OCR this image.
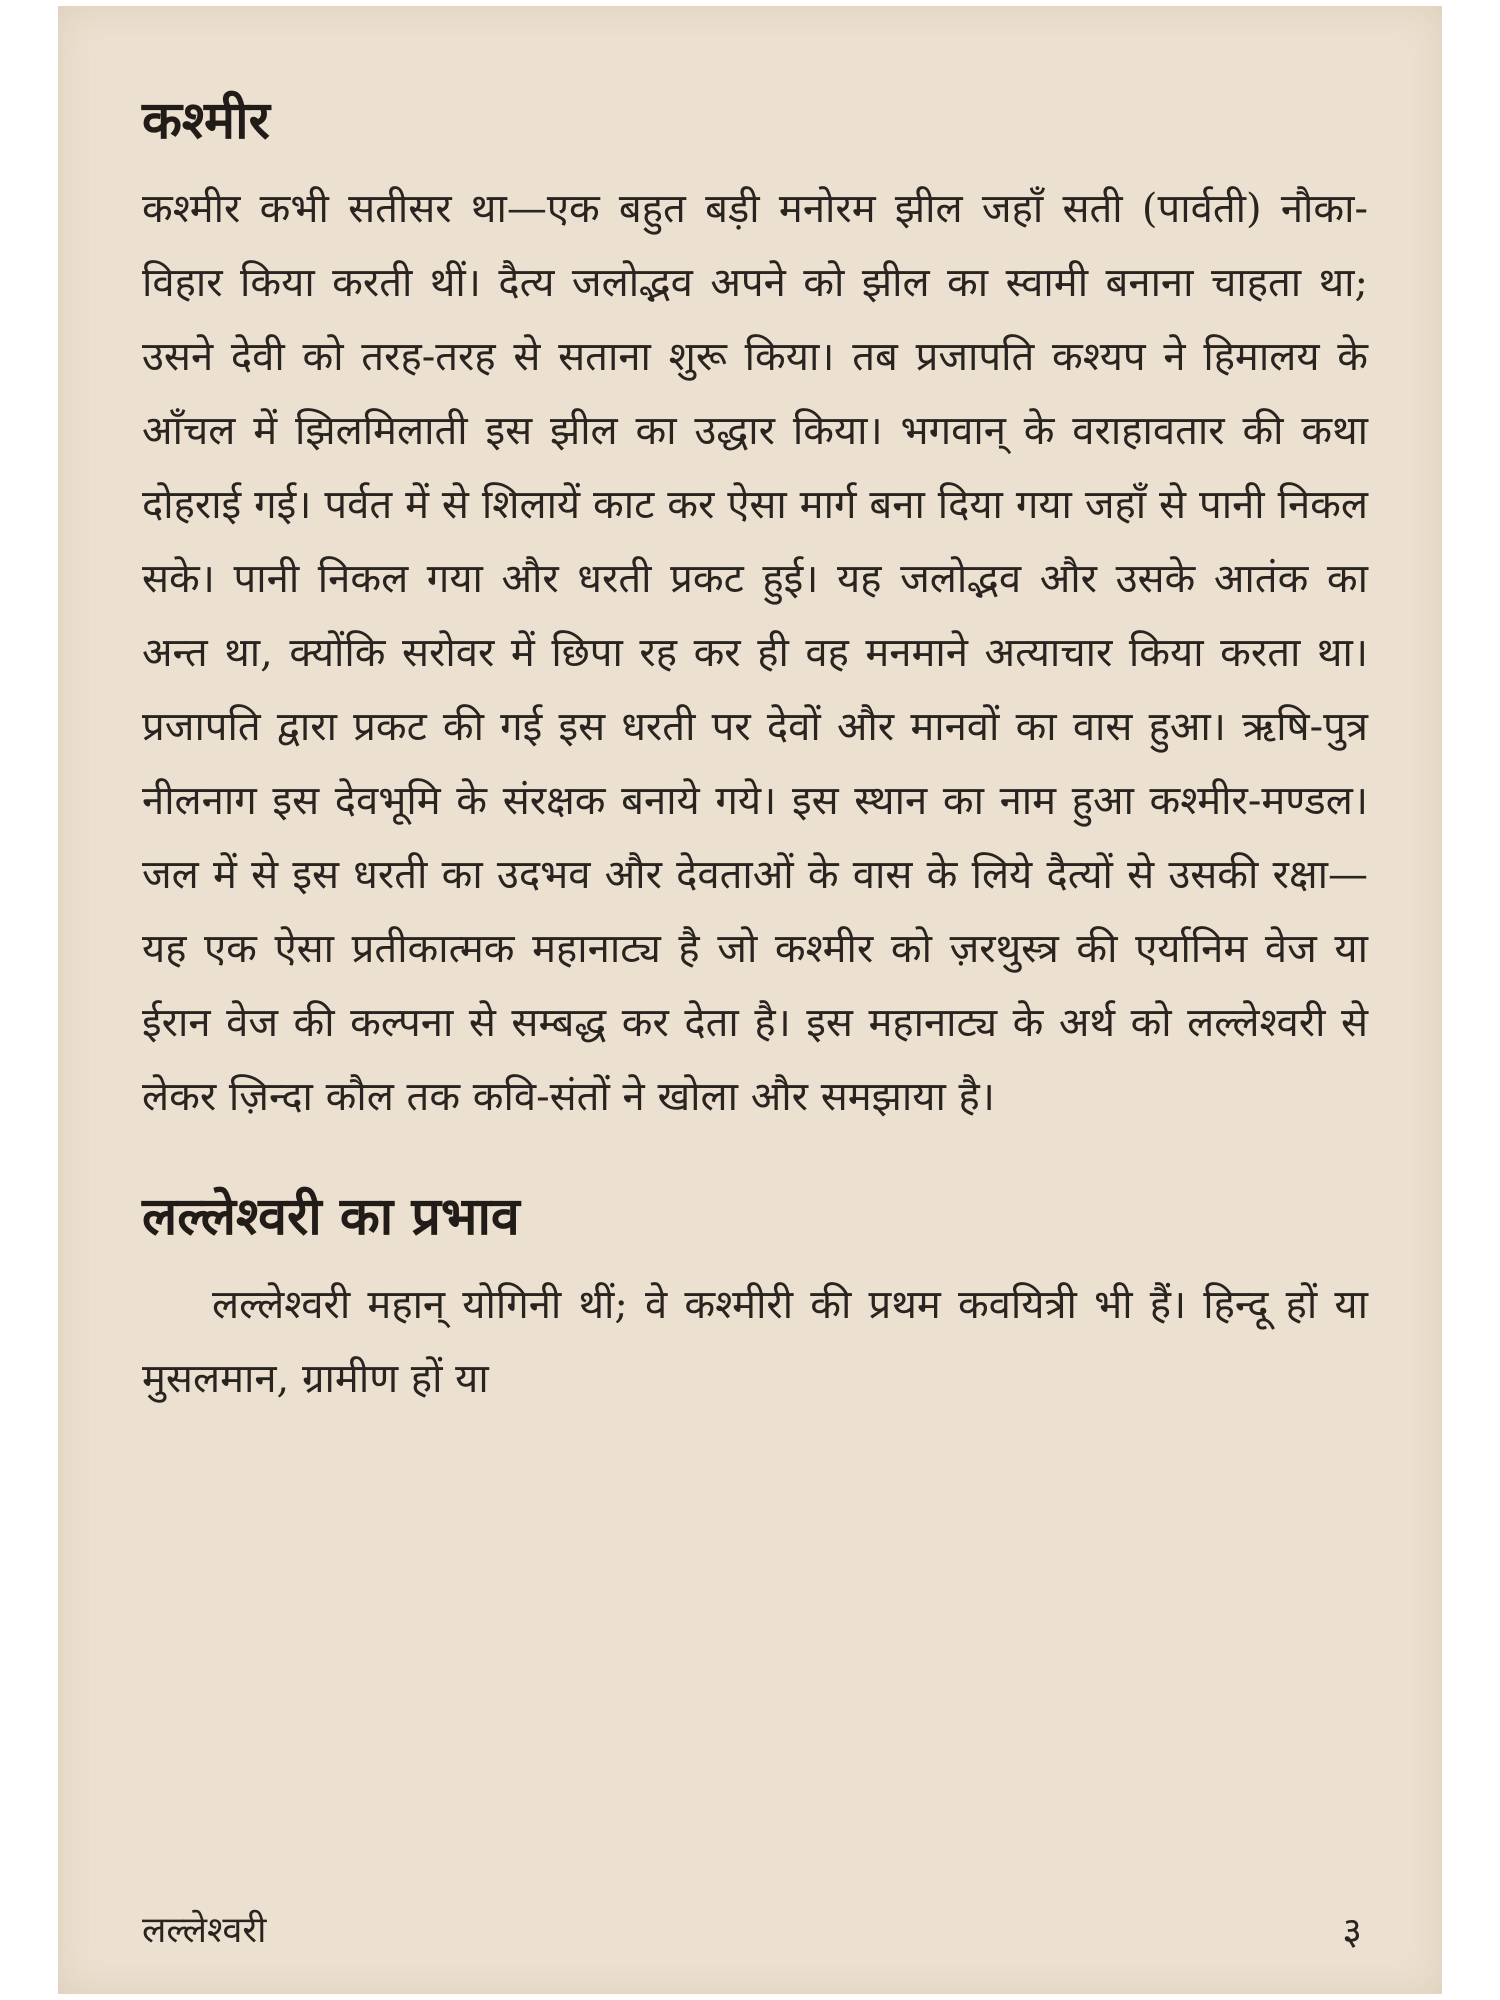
कश्मीर

कश्मीर कभी सतीसर था—एक बहुत बड़ी मनोरम झील जहाँ सती (पार्वती) नौका-विहार किया करती थीं। दैत्य जलोद्भव अपने को झील का स्वामी बनाना चाहता था; उसने देवी को तरह-तरह से सताना शुरू किया। तब प्रजापति कश्यप ने हिमालय के आँचल में झिलमिलाती इस झील का उद्धार किया। भगवान् के वराहावतार की कथा दोहराई गई। पर्वत में से शिलायें काट कर ऐसा मार्ग बना दिया गया जहाँ से पानी निकल सके। पानी निकल गया और धरती प्रकट हुई। यह जलोद्भव और उसके आतंक का अन्त था, क्योंकि सरोवर में छिपा रह कर ही वह मनमाने अत्याचार किया करता था। प्रजापति द्वारा प्रकट की गई इस धरती पर देवों और मानवों का वास हुआ। ऋषि-पुत्र नीलनाग इस देवभूमि के संरक्षक बनाये गये। इस स्थान का नाम हुआ कश्मीर-मण्डल। जल में से इस धरती का उदभव और देवताओं के वास के लिये दैत्यों से उसकी रक्षा—यह एक ऐसा प्रतीकात्मक महानाट्य है जो कश्मीर को ज़रथुस्त्र की एर्यानिम वेज या ईरान वेज की कल्पना से सम्बद्ध कर देता है। इस महानाट्य के अर्थ को लल्लेश्वरी से लेकर ज़िन्दा कौल तक कवि-संतों ने खोला और समझाया है।

लल्लेश्वरी का प्रभाव

लल्लेश्वरी महान् योगिनी थीं; वे कश्मीरी की प्रथम कवयित्री भी हैं। हिन्दू हों या मुसलमान, ग्रामीण हों या

लल्लेश्वरी	३
